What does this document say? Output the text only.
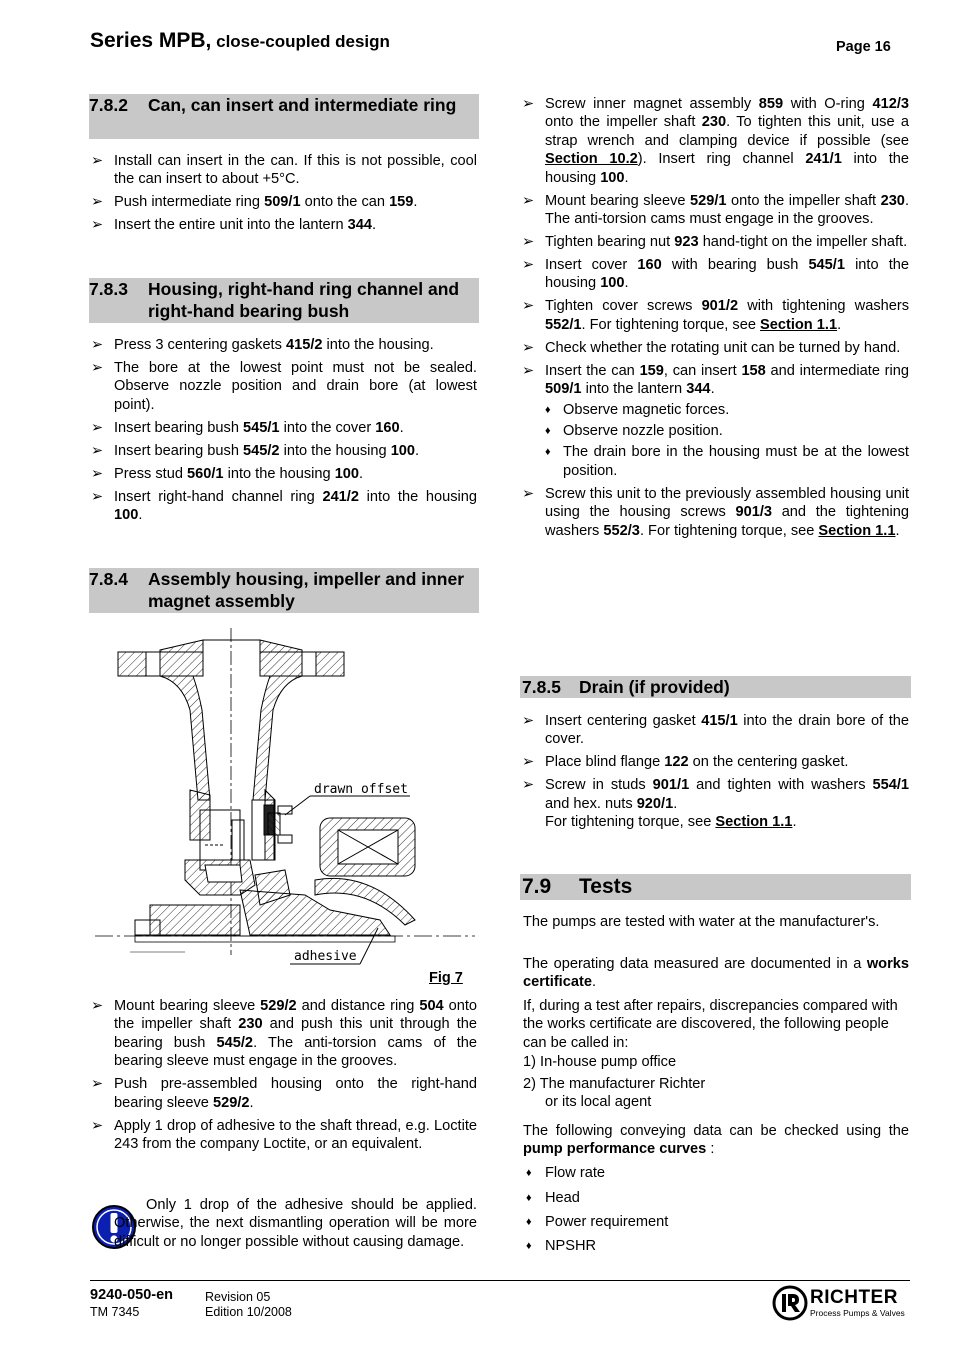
Series MPB, close-coupled design	Page 16
7.8.2 Can, can insert and intermediate ring
➢ Install can insert in the can. If this is not possible, cool the can insert to about +5°C.
➢ Push intermediate ring 509/1 onto the can 159.
➢ Insert the entire unit into the lantern 344.
7.8.3 Housing, right-hand ring channel and right-hand bearing bush
➢ Press 3 centering gaskets 415/2 into the housing.
➢ The bore at the lowest point must not be sealed. Observe nozzle position and drain bore (at lowest point).
➢ Insert bearing bush 545/1 into the cover 160.
➢ Insert bearing bush 545/2 into the housing 100.
➢ Press stud 560/1 into the housing 100.
➢ Insert right-hand channel ring 241/2 into the housing 100.
7.8.4 Assembly housing, impeller and inner magnet assembly
drawn offset
adhesive
Fig 7
➢ Mount bearing sleeve 529/2 and distance ring 504 onto the impeller shaft 230 and push this unit through the bearing bush 545/2. The anti-torsion cams of the bearing sleeve must engage in the grooves.
➢ Push pre-assembled housing onto the right-hand bearing sleeve 529/2.
➢ Apply 1 drop of adhesive to the shaft thread, e.g. Loctite 243 from the company Loctite, or an equivalent.

Only 1 drop of the adhesive should be applied. Otherwise, the next dismantling operation will be more difficult or no longer possible without causing damage.

➢ Screw inner magnet assembly 859 with O-ring 412/3 onto the impeller shaft 230. To tighten this unit, use a strap wrench and clamping device if possible (see Section 10.2). Insert ring channel 241/1 into the housing 100.
➢ Mount bearing sleeve 529/1 onto the impeller shaft 230. The anti-torsion cams must engage in the grooves.
➢ Tighten bearing nut 923 hand-tight on the impeller shaft.
➢ Insert cover 160 with bearing bush 545/1 into the housing 100.
➢ Tighten cover screws 901/2 with tightening washers 552/1. For tightening torque, see Section 1.1.
➢ Check whether the rotating unit can be turned by hand.
➢ Insert the can 159, can insert 158 and intermediate ring 509/1 into the lantern 344.
♦ Observe magnetic forces.
♦ Observe nozzle position.
♦ The drain bore in the housing must be at the lowest position.
➢ Screw this unit to the previously assembled housing unit using the housing screws 901/3 and the tightening washers 552/3. For tightening torque, see Section 1.1.
7.8.5 Drain (if provided)
➢ Insert centering gasket 415/1 into the drain bore of the cover.
➢ Place blind flange 122 on the centering gasket.
➢ Screw in studs 901/1 and tighten with washers 554/1 and hex. nuts 920/1.
For tightening torque, see Section 1.1.
7.9 Tests

The pumps are tested with water at the manufacturer's.

The operating data measured are documented in a works certificate.

If, during a test after repairs, discrepancies compared with the works certificate are discovered, the following people can be called in:

1) In-house pump office
2) The manufacturer Richter
or its local agent

The following conveying data can be checked using the pump performance curves :

♦ Flow rate
♦ Head
♦ Power requirement
♦ NPSHR
9240-050-en
TM 7345
Revision 05
Edition 10/2008
RICHTER
Process Pumps & Valves
